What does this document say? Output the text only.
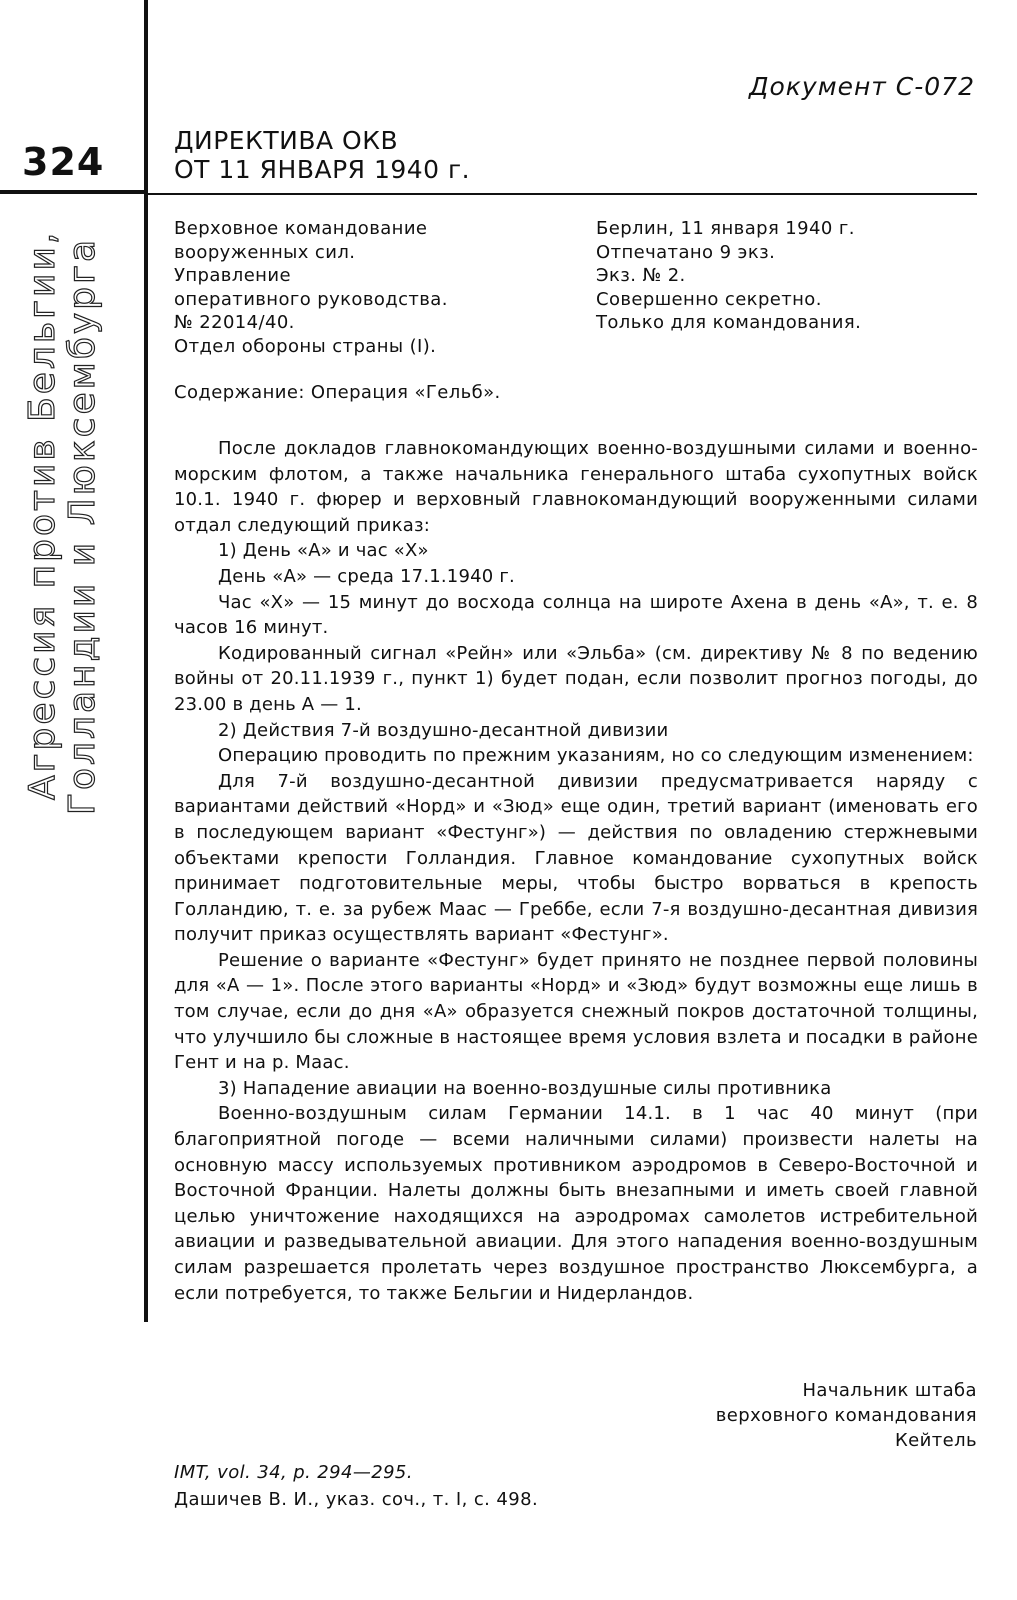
324
Агрессия против Бельгии, Голландии и Люксембурга
Документ С-072
ДИРЕКТИВА ОКВ
ОТ 11 ЯНВАРЯ 1940 г.
Верховное командование
вооруженных сил.
Управление
оперативного руководства.
№ 22014/40.
Отдел обороны страны (I).
Берлин, 11 января 1940 г.
Отпечатано 9 экз.
Экз. № 2.
Совершенно секретно.
Только для командования.
Содержание: Операция «Гельб».

После докладов главнокомандующих военно-воздушными силами и военно-морским флотом, а также начальника генерального штаба сухопутных войск 10.1. 1940 г. фюрер и верховный главнокомандующий вооруженными силами отдал следующий приказ:

1) День «А» и час «X»

День «А» — среда 17.1.1940 г.

Час «X» — 15 минут до восхода солнца на широте Ахена в день «А», т. е. 8 часов 16 минут.

Кодированный сигнал «Рейн» или «Эльба» (см. директиву № 8 по ведению войны от 20.11.1939 г., пункт 1) будет подан, если позволит прогноз погоды, до 23.00 в день А — 1.

2) Действия 7-й воздушно-десантной дивизии

Операцию проводить по прежним указаниям, но со следующим изменением:

Для 7-й воздушно-десантной дивизии предусматривается наряду с вариантами действий «Норд» и «Зюд» еще один, третий вариант (именовать его в последующем вариант «Фестунг») — действия по овладению стержневыми объектами крепости Голландия. Главное командование сухопутных войск принимает подготовительные меры, чтобы быстро ворваться в крепость Голландию, т. е. за рубеж Маас — Греббе, если 7-я воздушно-десантная дивизия получит приказ осуществлять вариант «Фестунг».

Решение о варианте «Фестунг» будет принято не позднее первой половины для «А — 1». После этого варианты «Норд» и «Зюд» будут возможны еще лишь в том случае, если до дня «А» образуется снежный покров достаточной толщины, что улучшило бы сложные в настоящее время условия взлета и посадки в районе Гент и на р. Маас.

3) Нападение авиации на военно-воздушные силы противника

Военно-воздушным силам Германии 14.1. в 1 час 40 минут (при благоприятной погоде — всеми наличными силами) произвести налеты на основную массу используемых противником аэродромов в Северо-Восточной и Восточной Франции. Налеты должны быть внезапными и иметь своей главной целью уничтожение находящихся на аэродромах самолетов истребительной авиации и разведывательной авиации. Для этого нападения военно-воздушным силам разрешается пролетать через воздушное пространство Люксембурга, а если потребуется, то также Бельгии и Нидерландов.

Начальник штаба
верховного командования
Кейтель
IMT, vol. 34, p. 294—295.
Дашичев В. И., указ. соч., т. I, с. 498.
